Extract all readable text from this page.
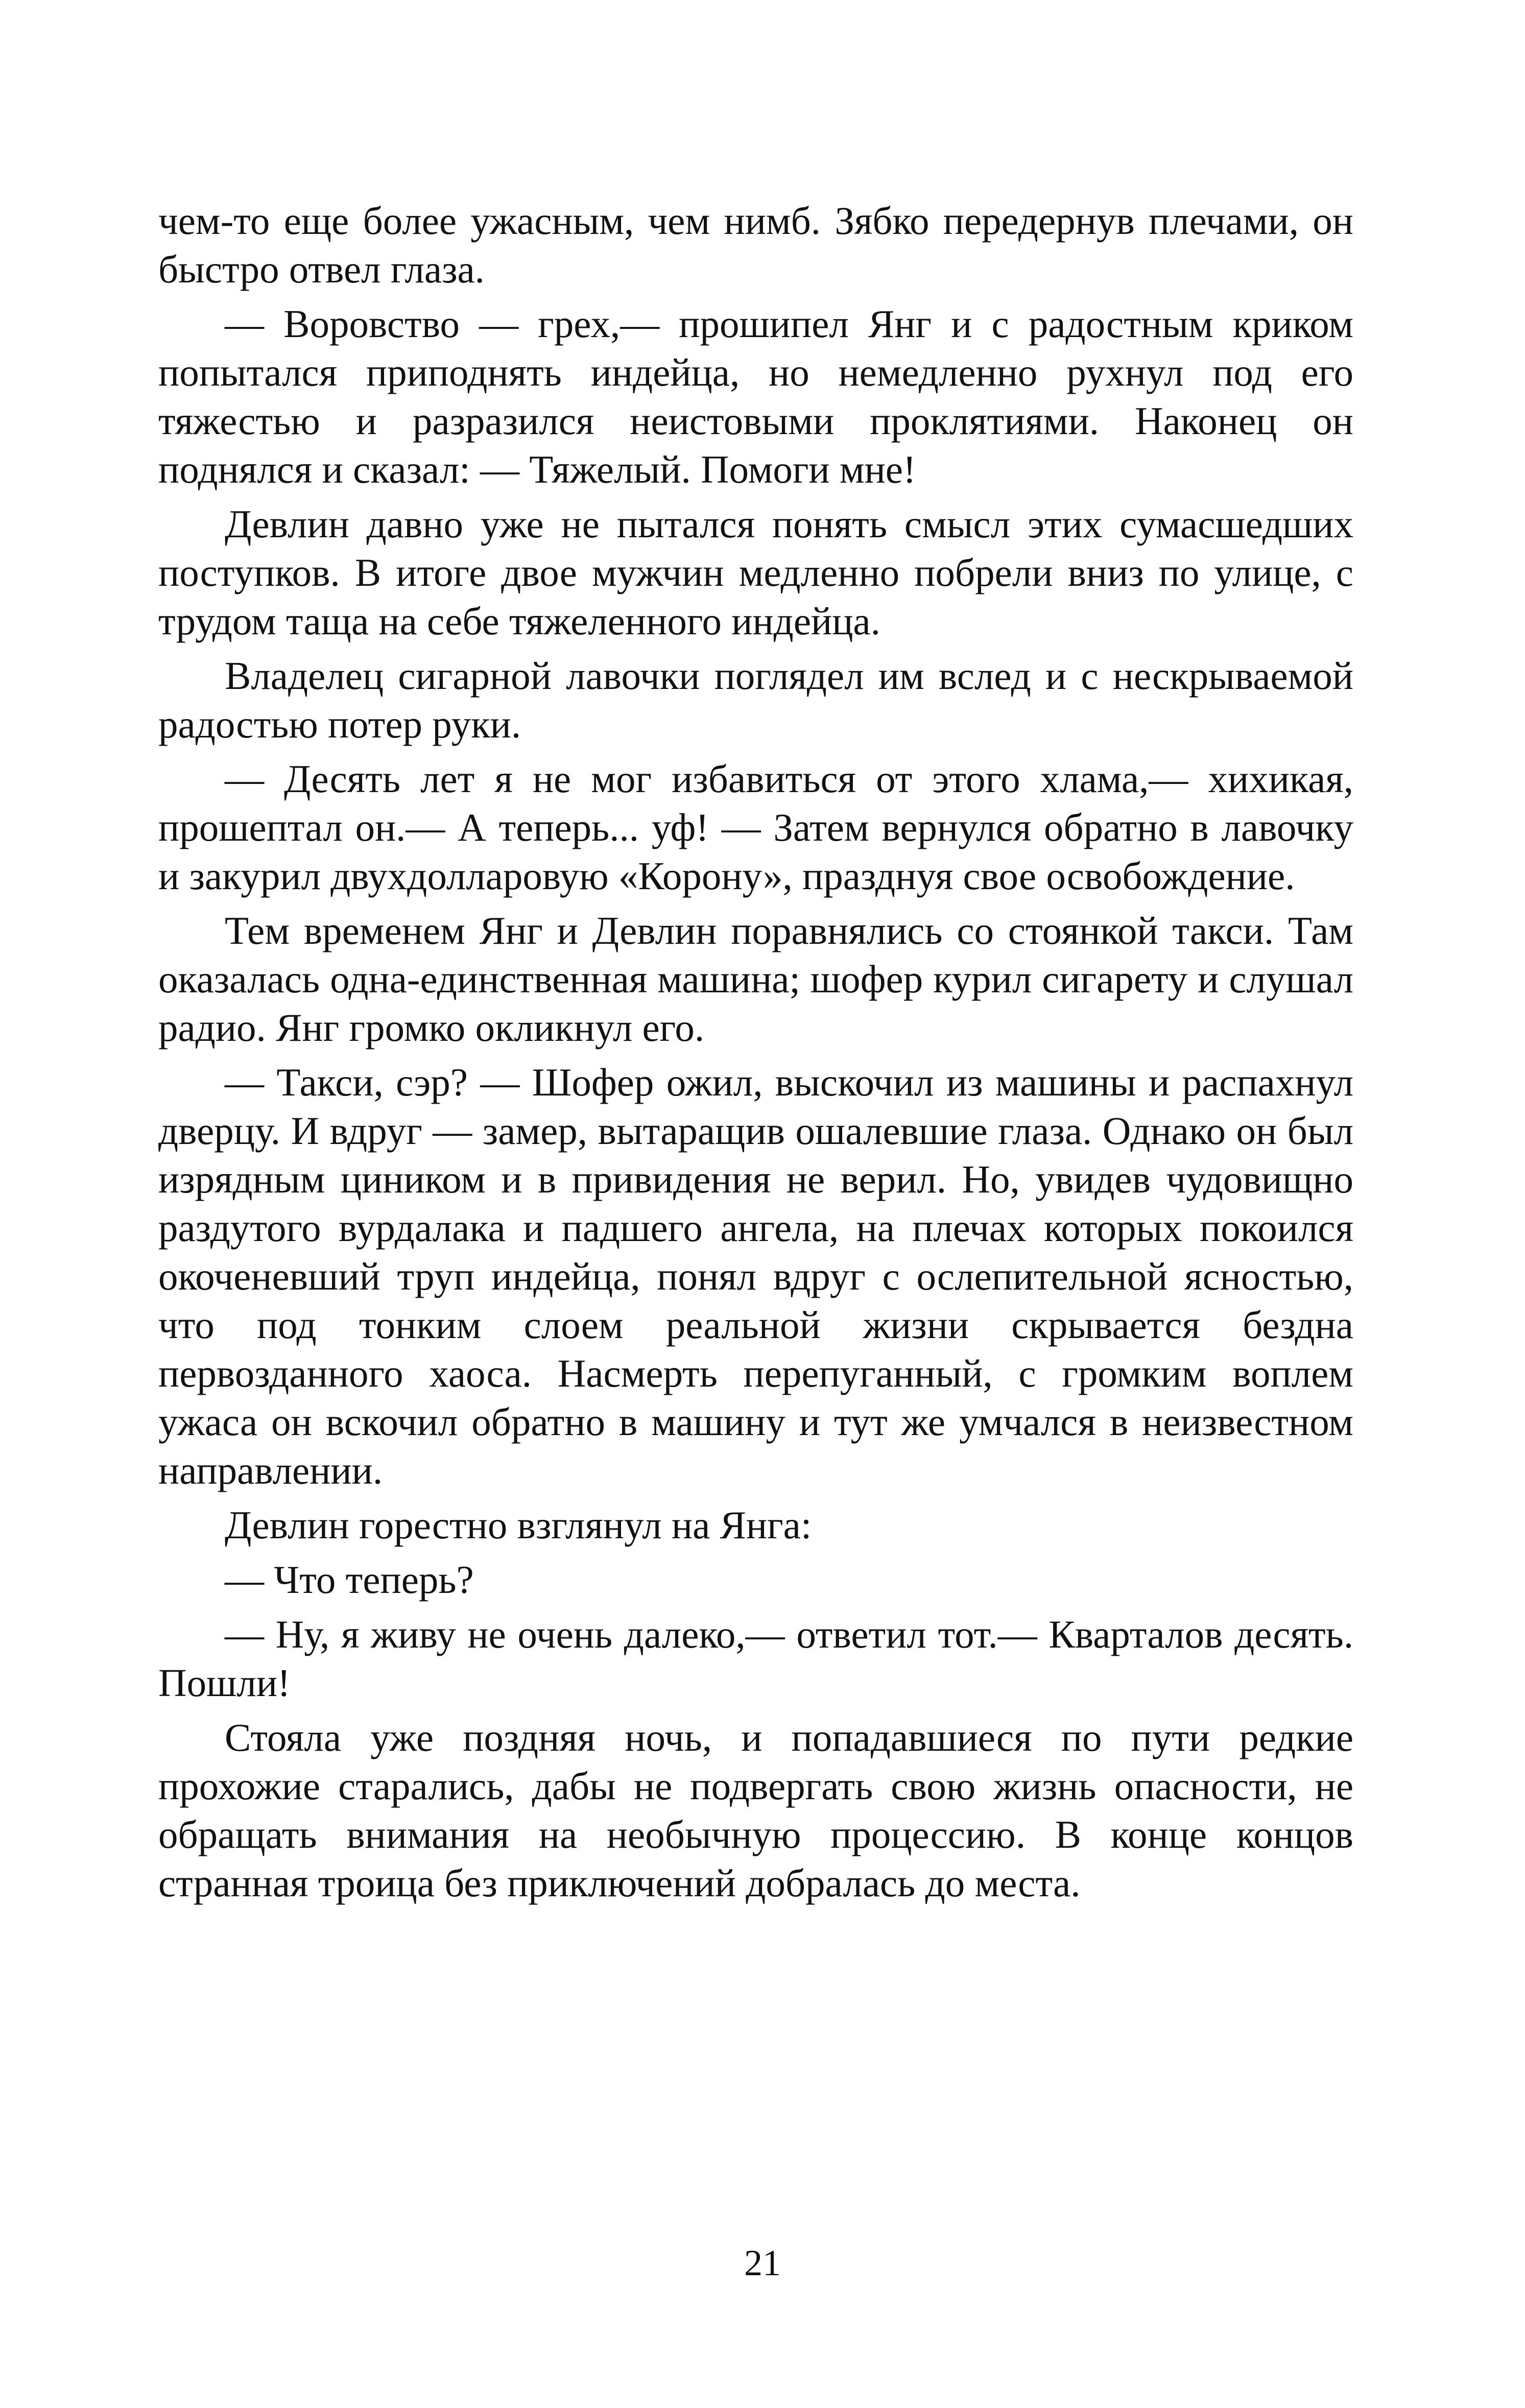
чем-то еще более ужасным, чем нимб. Зябко передернув плечами, он быстро отвел глаза.

— Воровство — грех,— прошипел Янг и с радостным криком попытался приподнять индейца, но немедленно рухнул под его тяжестью и разразился неистовыми проклятиями. Наконец он поднялся и сказал: — Тяжелый. Помоги мне!

Девлин давно уже не пытался понять смысл этих сумасшедших поступков. В итоге двое мужчин медленно побрели вниз по улице, с трудом таща на себе тяжеленного индейца.

Владелец сигарной лавочки поглядел им вслед и с нескрываемой радостью потер руки.

— Десять лет я не мог избавиться от этого хлама,— хихикая, прошептал он.— А теперь... уф! — Затем вернулся обратно в лавочку и закурил двухдолларовую «Корону», празднуя свое освобождение.

Тем временем Янг и Девлин поравнялись со стоянкой такси. Там оказалась одна-единственная машина; шофер курил сигарету и слушал радио. Янг громко окликнул его.

— Такси, сэр? — Шофер ожил, выскочил из машины и распахнул дверцу. И вдруг — замер, вытаращив ошалевшие глаза. Однако он был изрядным циником и в привидения не верил. Но, увидев чудовищно раздутого вурдалака и падшего ангела, на плечах которых покоился окоченевший труп индейца, понял вдруг с ослепительной ясностью, что под тонким слоем реальной жизни скрывается бездна первозданного хаоса. Насмерть перепуганный, с громким воплем ужаса он вскочил обратно в машину и тут же умчался в неизвестном направлении.

Девлин горестно взглянул на Янга:

— Что теперь?

— Ну, я живу не очень далеко,— ответил тот.— Кварталов десять. Пошли!

Стояла уже поздняя ночь, и попадавшиеся по пути редкие прохожие старались, дабы не подвергать свою жизнь опасности, не обращать внимания на необычную процессию. В конце концов странная троица без приключений добралась до места.

21
